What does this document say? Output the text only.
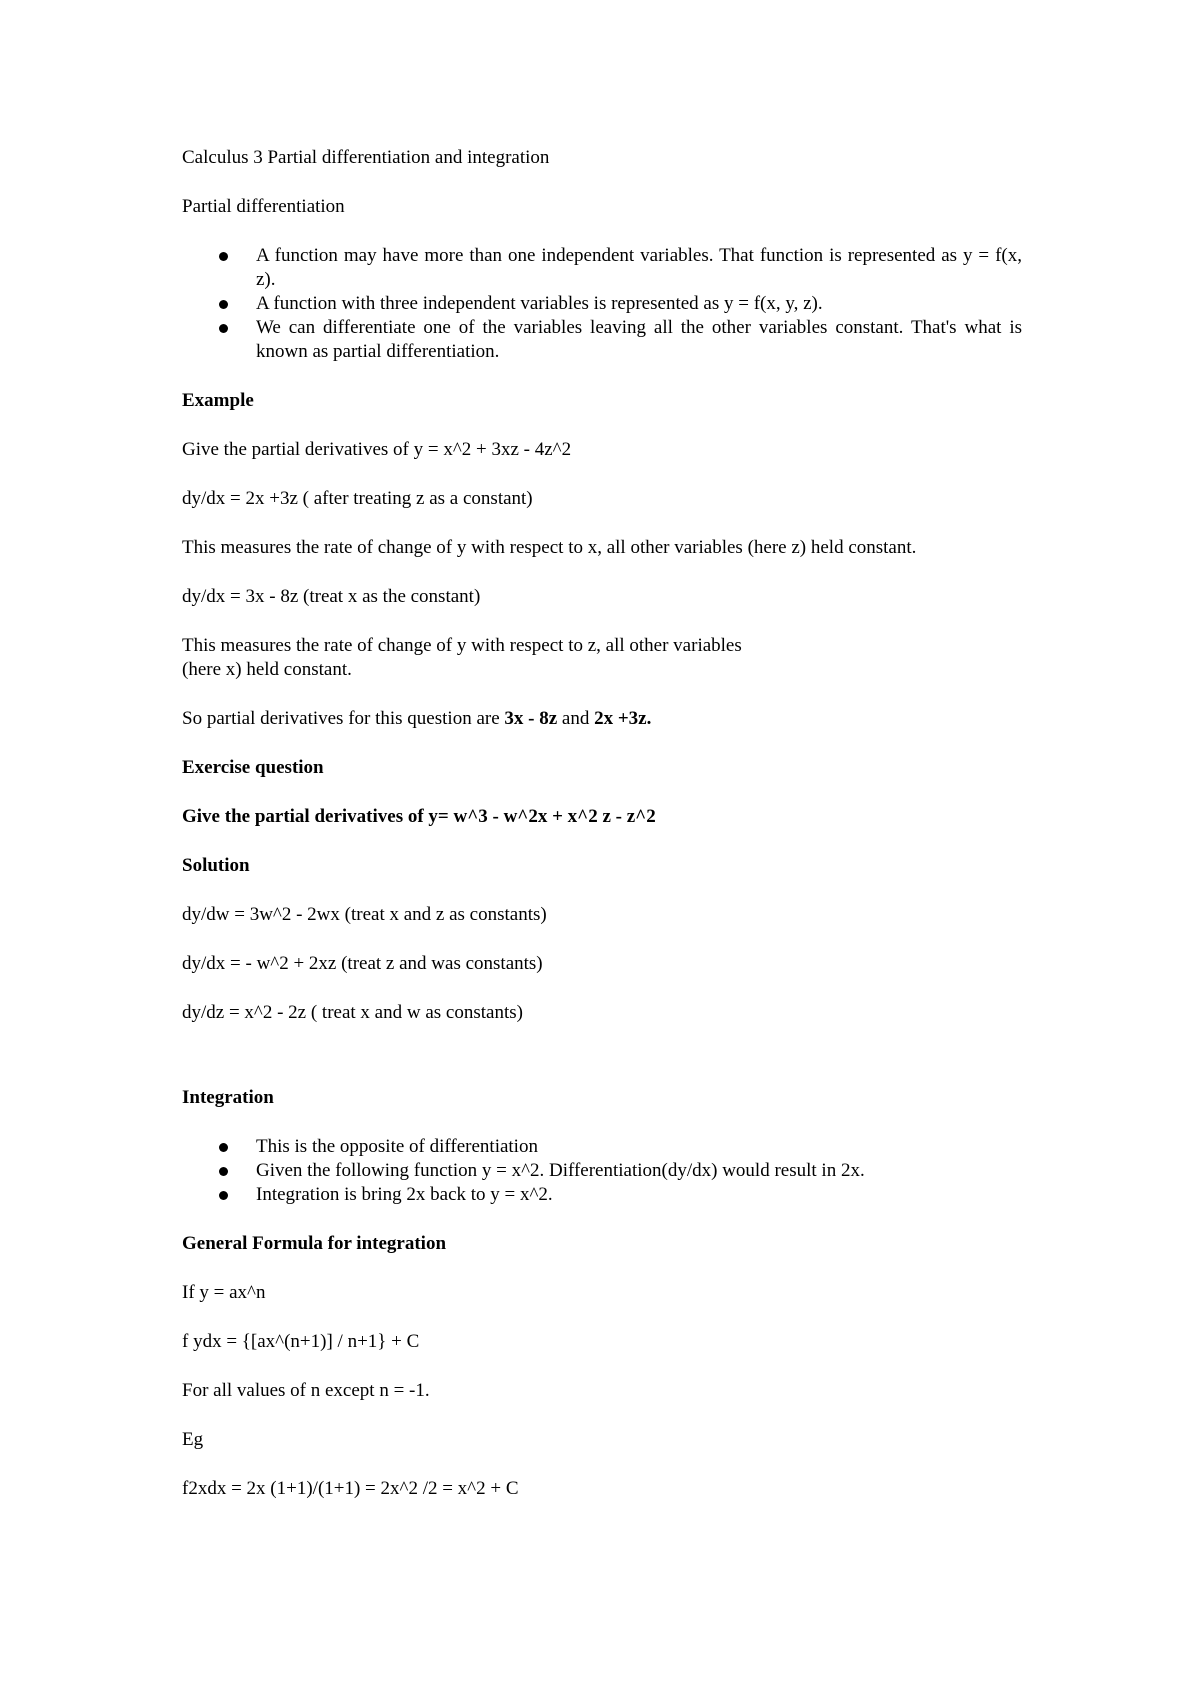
Calculus 3 Partial differentiation and integration

Partial differentiation

A function may have more than one independent variables. That function is represented as y = f(x, z).
A function with three independent variables is represented as y = f(x, y, z).
We can differentiate one of the variables leaving all the other variables constant. That's what is known as partial differentiation.

Example

Give the partial derivatives of y = x^2 + 3xz - 4z^2

dy/dx = 2x +3z ( after treating z as a constant)

This measures the rate of change of y with respect to x, all other variables (here z) held constant.

dy/dx = 3x - 8z (treat x as the constant)

This measures the rate of change of y with respect to z, all other variables
(here x) held constant.

So partial derivatives for this question are 3x - 8z and 2x +3z.

Exercise question

Give the partial derivatives of y= w^3 - w^2x + x^2 z - z^2

Solution

dy/dw = 3w^2 - 2wx (treat x and z as constants)

dy/dx = - w^2 + 2xz (treat z and was constants)

dy/dz = x^2 - 2z ( treat x and w as constants)

Integration

This is the opposite of differentiation
Given the following function y = x^2. Differentiation(dy/dx) would result in 2x.
Integration is bring 2x back to y = x^2.

General Formula for integration

If y = ax^n

f ydx = {[ax^(n+1)] / n+1} + C

For all values of n except n = -1.

Eg

f2xdx = 2x (1+1)/(1+1) = 2x^2 /2 = x^2 + C
